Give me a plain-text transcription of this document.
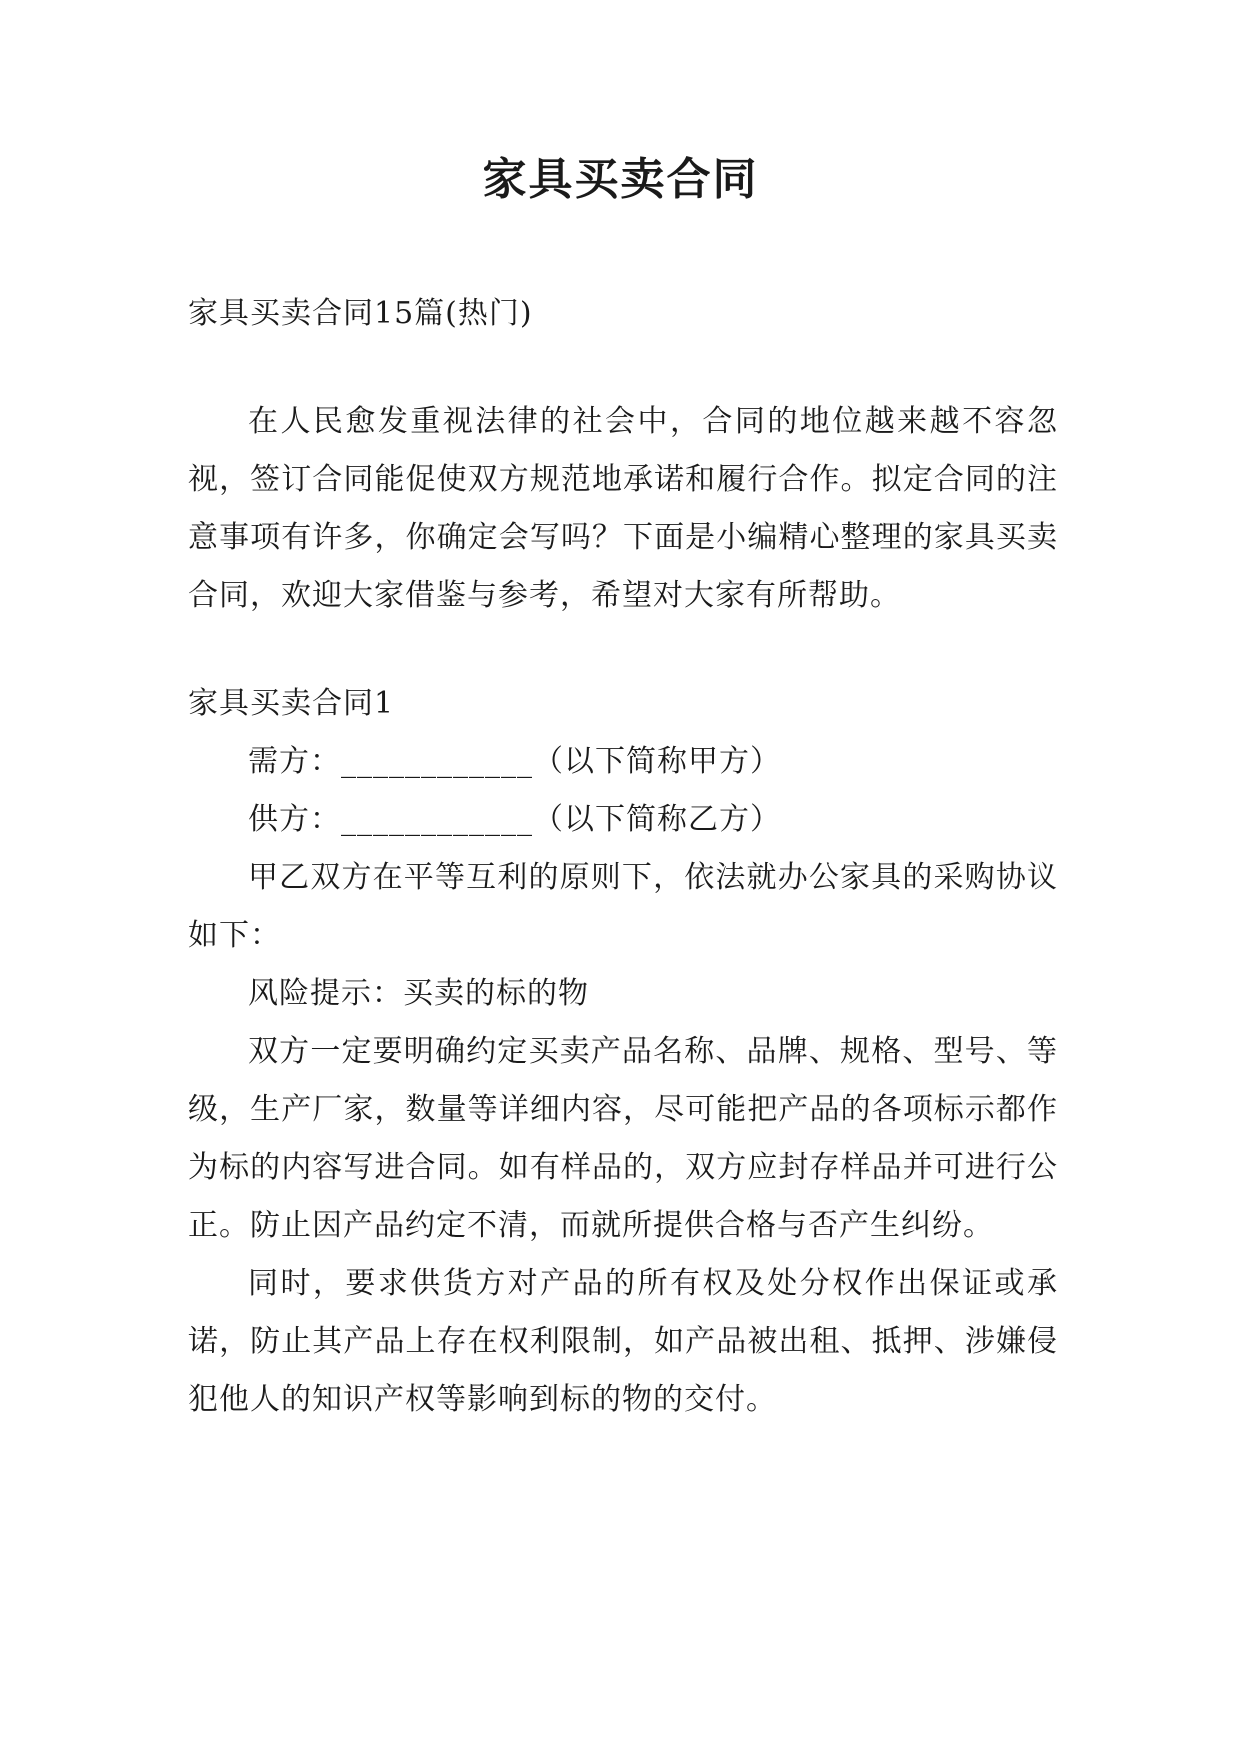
家具买卖合同

家具买卖合同15篇(热门)

在人民愈发重视法律的社会中，合同的地位越来越不容忽视，签订合同能促使双方规范地承诺和履行合作。拟定合同的注意事项有许多，你确定会写吗？下面是小编精心整理的家具买卖合同，欢迎大家借鉴与参考，希望对大家有所帮助。

家具买卖合同1

需方：____________（以下简称甲方）

供方：____________（以下简称乙方）

甲乙双方在平等互利的原则下，依法就办公家具的采购协议如下：

风险提示：买卖的标的物

双方一定要明确约定买卖产品名称、品牌、规格、型号、等级，生产厂家，数量等详细内容，尽可能把产品的各项标示都作为标的内容写进合同。如有样品的，双方应封存样品并可进行公正。防止因产品约定不清，而就所提供合格与否产生纠纷。

同时，要求供货方对产品的所有权及处分权作出保证或承诺，防止其产品上存在权利限制，如产品被出租、抵押、涉嫌侵犯他人的知识产权等影响到标的物的交付。
